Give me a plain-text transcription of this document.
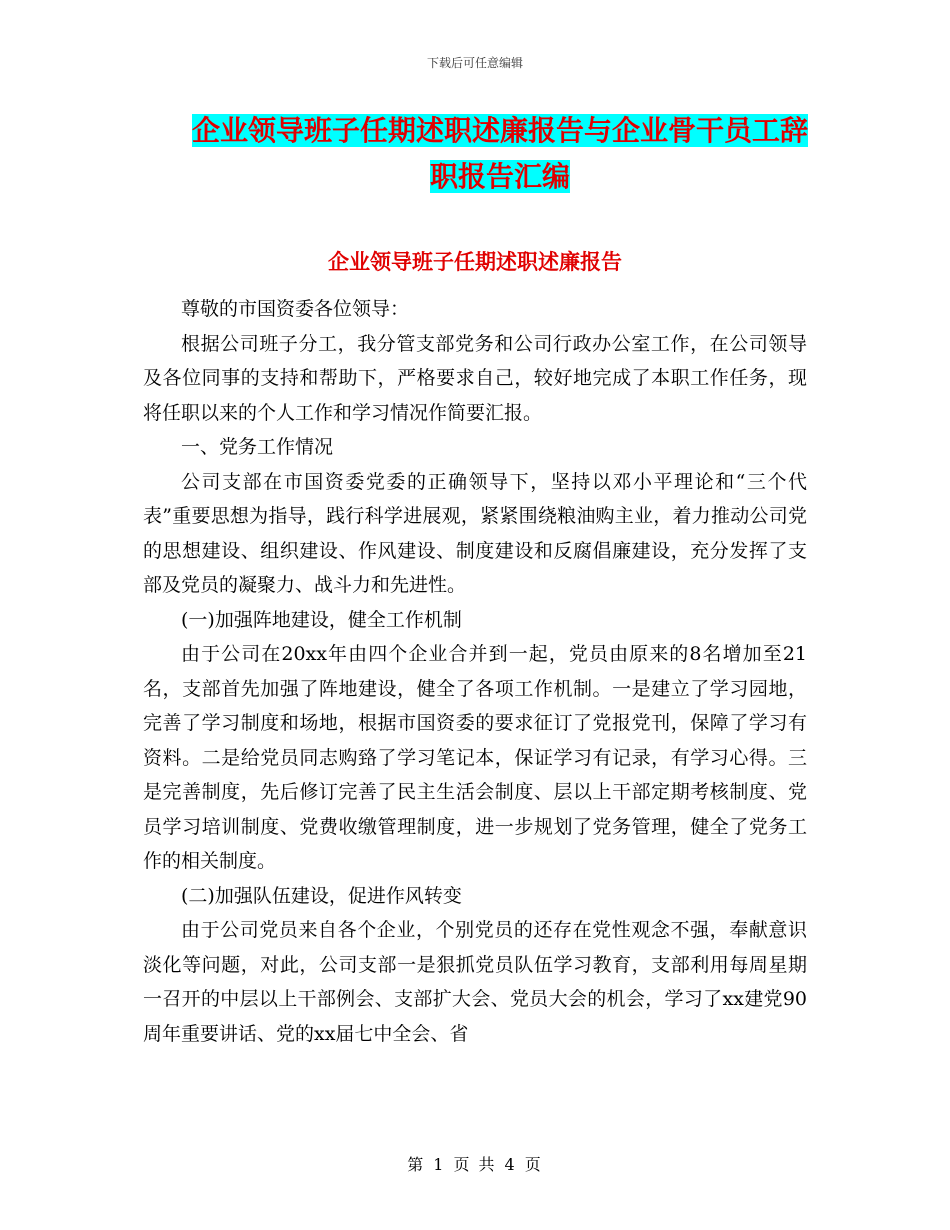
下载后可任意编辑
企业领导班子任期述职述廉报告与企业骨干员工辞职报告汇编
企业领导班子任期述职述廉报告

尊敬的市国资委各位领导：

根据公司班子分工，我分管支部党务和公司行政办公室工作，在公司领导及各位同事的支持和帮助下，严格要求自己，较好地完成了本职工作任务，现将任职以来的个人工作和学习情况作简要汇报。

一、党务工作情况

公司支部在市国资委党委的正确领导下，坚持以邓小平理论和“三个代表”重要思想为指导，践行科学进展观，紧紧围绕粮油购主业，着力推动公司党的思想建设、组织建设、作风建设、制度建设和反腐倡廉建设，充分发挥了支部及党员的凝聚力、战斗力和先进性。

(一)加强阵地建设，健全工作机制

由于公司在20xx年由四个企业合并到一起，党员由原来的8名增加至21名，支部首先加强了阵地建设，健全了各项工作机制。一是建立了学习园地，完善了学习制度和场地，根据市国资委的要求征订了党报党刊，保障了学习有资料。二是给党员同志购臵了学习笔记本，保证学习有记录，有学习心得。三是完善制度，先后修订完善了民主生活会制度、层以上干部定期考核制度、党员学习培训制度、党费收缴管理制度，进一步规划了党务管理，健全了党务工作的相关制度。

(二)加强队伍建设，促进作风转变

由于公司党员来自各个企业，个别党员的还存在党性观念不强，奉献意识淡化等问题，对此，公司支部一是狠抓党员队伍学习教育，支部利用每周星期一召开的中层以上干部例会、支部扩大会、党员大会的机会，学习了xx建党90周年重要讲话、党的xx届七中全会、省

第 1 页 共 4 页
